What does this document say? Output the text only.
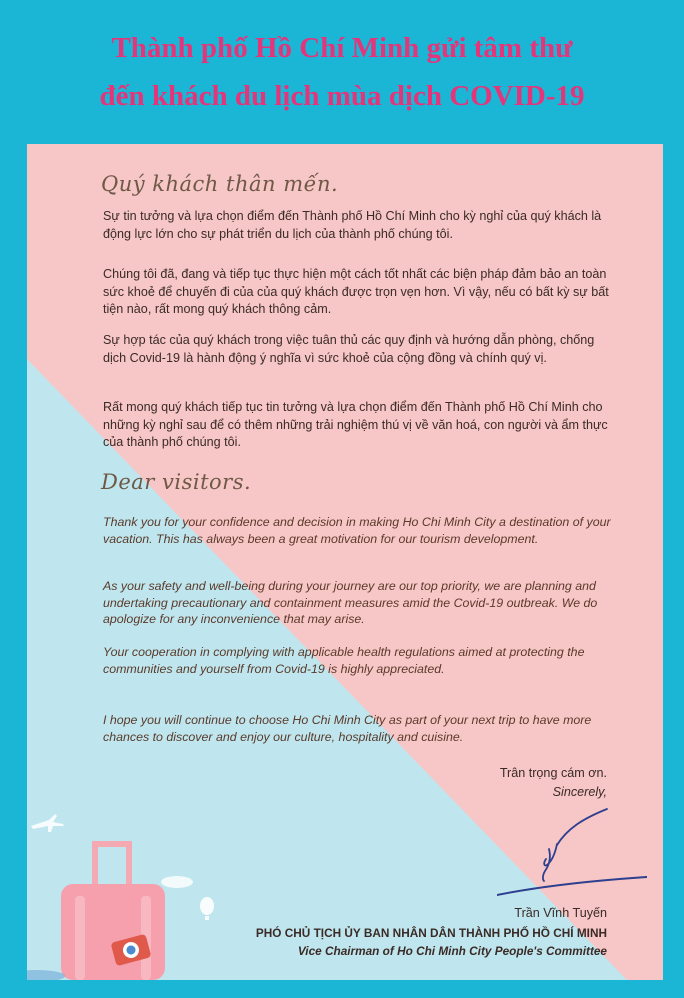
Thành phố Hồ Chí Minh gửi tâm thư
đến khách du lịch mùa dịch COVID-19
Quý khách thân mến.

Sự tin tưởng và lựa chọn điểm đến Thành phố Hồ Chí Minh cho kỳ nghỉ của quý khách là động lực lớn cho sự phát triển du lịch của thành phố chúng tôi.

Chúng tôi đã, đang và tiếp tục thực hiện một cách tốt nhất các biện pháp đảm bảo an toàn sức khoẻ để chuyến đi của của quý khách được trọn vẹn hơn. Vì vậy, nếu có bất kỳ sự bất tiện nào, rất mong quý khách thông cảm.

Sự hợp tác của quý khách trong việc tuân thủ các quy định và hướng dẫn phòng, chống dịch Covid-19 là hành động ý nghĩa vì sức khoẻ của cộng đồng và chính quý vị.

Rất mong quý khách tiếp tục tin tưởng và lựa chọn điểm đến Thành phố Hồ Chí Minh cho những kỳ nghỉ sau để có thêm những trải nghiệm thú vị về văn hoá, con người và ẩm thực của thành phố chúng tôi.

Dear visitors.

Thank you for your confidence and decision in making Ho Chi Minh City a destination of your vacation. This has always been a great motivation for our tourism development.

As your safety and well-being during your journey are our top priority, we are planning and undertaking precautionary and containment measures amid the Covid-19 outbreak. We do apologize for any inconvenience that may arise.

Your cooperation in complying with applicable health regulations aimed at protecting the communities and yourself from Covid-19 is highly appreciated.

I hope you will continue to choose Ho Chi Minh City as part of your next trip to have more chances to discover and enjoy our culture, hospitality and cuisine.

Trân trọng cám ơn.

Sincerely,

Trần Vĩnh Tuyến
PHÓ CHỦ TỊCH ỦY BAN NHÂN DÂN THÀNH PHỐ HỒ CHÍ MINH
Vice Chairman of Ho Chi Minh City People's Committee
